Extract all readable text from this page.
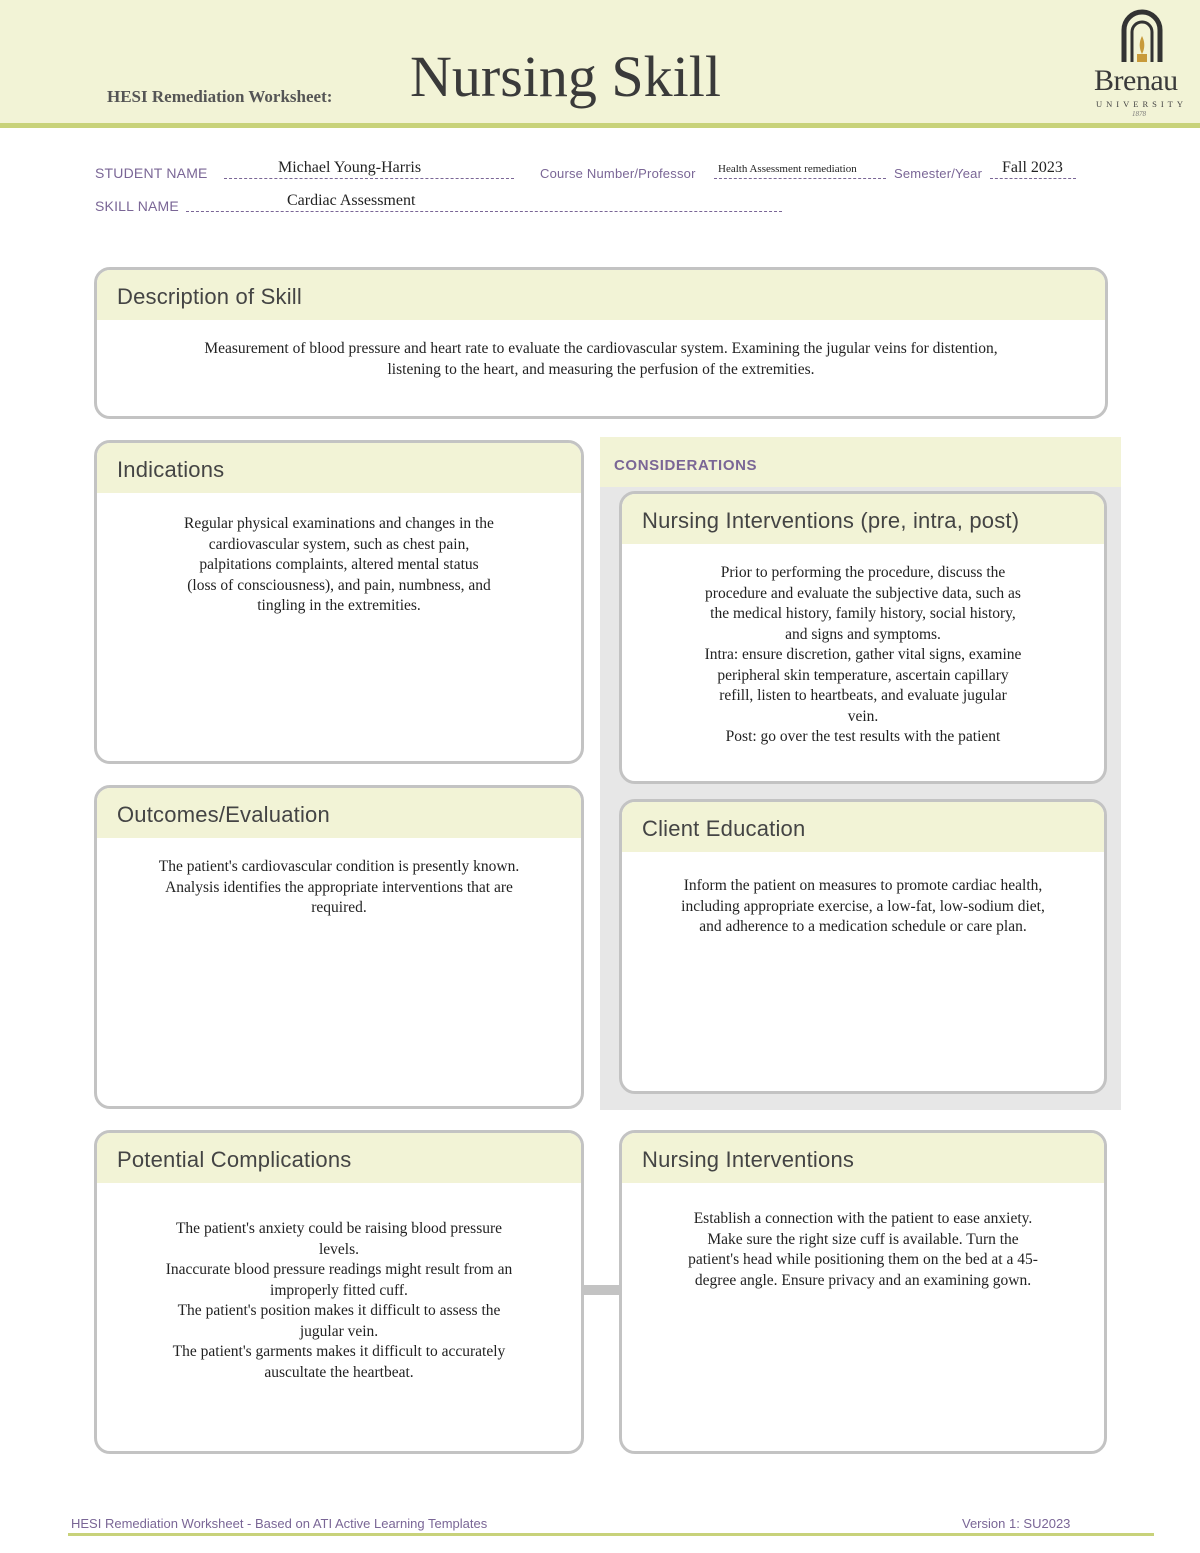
HESI Remediation Worksheet: Nursing Skill	Brenau
UNIVERSITY
1878
STUDENT NAME	Michael Young-Harris	Course Number/Professor Health Assessment remediation	Semester/Year Fall 2023
SKILL NAME	Cardiac Assessment
Description of Skill
Measurement of blood pressure and heart rate to evaluate the cardiovascular system. Examining the jugular veins for distention,
listening to the heart, and measuring the perfusion of the extremities.
CONSIDERATIONS
Indications
Regular physical examinations and changes in the
cardiovascular system, such as chest pain,
palpitations complaints, altered mental status
(loss of consciousness), and pain, numbness, and
tingling in the extremities.
Nursing Interventions (pre, intra, post)
Prior to performing the procedure, discuss the
procedure and evaluate the subjective data, such as
the medical history, family history, social history,
and signs and symptoms.
Intra: ensure discretion, gather vital signs, examine
peripheral skin temperature, ascertain capillary
refill, listen to heartbeats, and evaluate jugular
vein.
Post: go over the test results with the patient
Outcomes/Evaluation
The patient's cardiovascular condition is presently known.
Analysis identifies the appropriate interventions that are
required.
Client Education
Inform the patient on measures to promote cardiac health,
including appropriate exercise, a low-fat, low-sodium diet,
and adherence to a medication schedule or care plan.
Potential Complications
The patient's anxiety could be raising blood pressure
levels.
Inaccurate blood pressure readings might result from an
improperly fitted cuff.
The patient's position makes it difficult to assess the
jugular vein.
The patient's garments makes it difficult to accurately
auscultate the heartbeat.
Nursing Interventions
Establish a connection with the patient to ease anxiety.
Make sure the right size cuff is available. Turn the
patient's head while positioning them on the bed at a 45-
degree angle. Ensure privacy and an examining gown.
HESI Remediation Worksheet - Based on ATI Active Learning Templates	Version 1: SU2023
